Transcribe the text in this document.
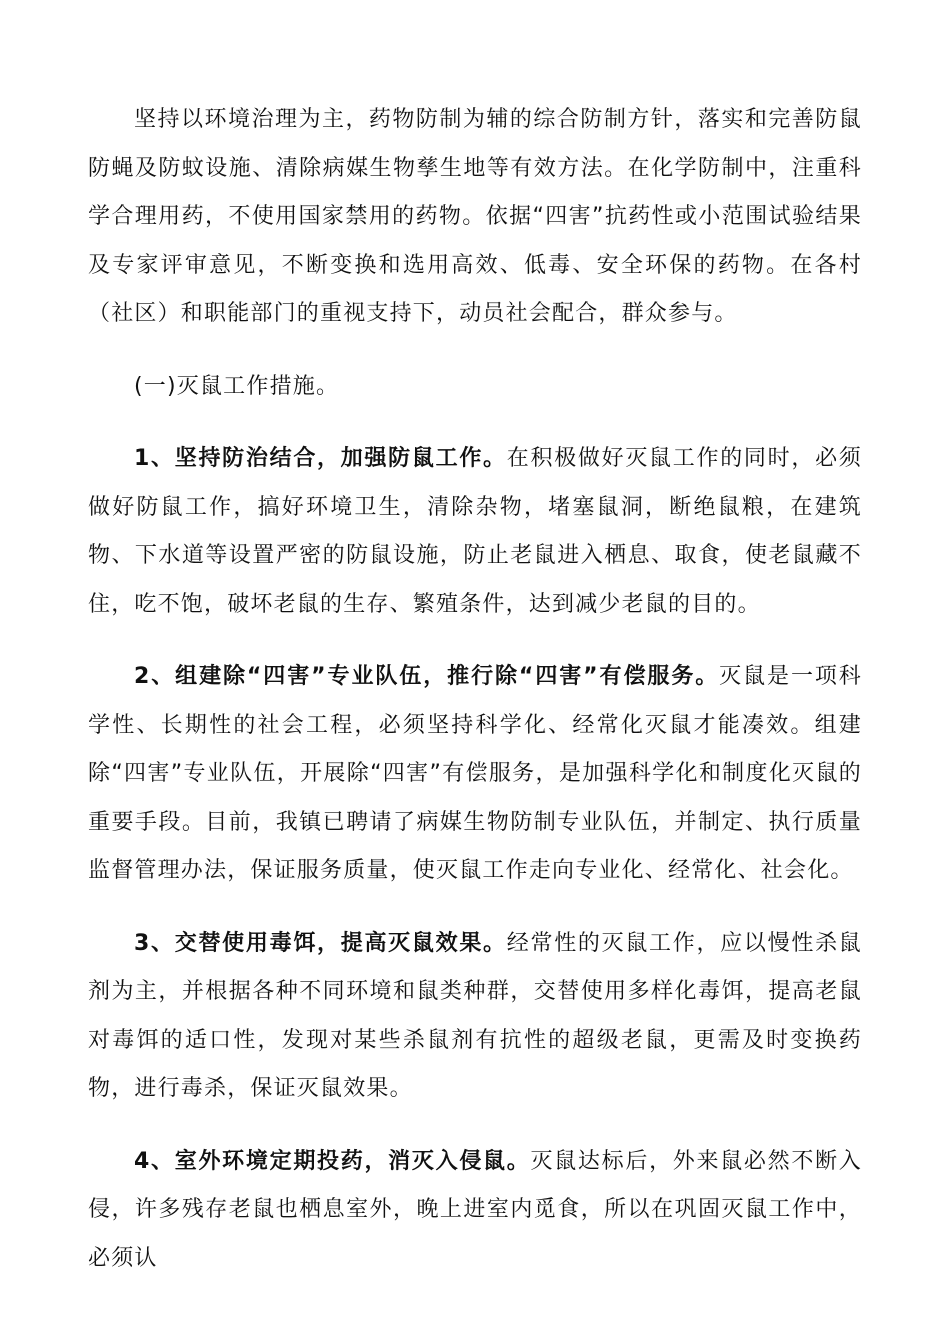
坚持以环境治理为主，药物防制为辅的综合防制方针，落实和完善防鼠防蝇及防蚊设施、清除病媒生物孳生地等有效方法。在化学防制中，注重科学合理用药，不使用国家禁用的药物。依据“四害”抗药性或小范围试验结果及专家评审意见，不断变换和选用高效、低毒、安全环保的药物。在各村（社区）和职能部门的重视支持下，动员社会配合，群众参与。

(一)灭鼠工作措施。

1、坚持防治结合，加强防鼠工作。在积极做好灭鼠工作的同时，必须做好防鼠工作，搞好环境卫生，清除杂物，堵塞鼠洞，断绝鼠粮，在建筑物、下水道等设置严密的防鼠设施，防止老鼠进入栖息、取食，使老鼠藏不住，吃不饱，破坏老鼠的生存、繁殖条件，达到减少老鼠的目的。

2、组建除“四害”专业队伍，推行除“四害”有偿服务。灭鼠是一项科学性、长期性的社会工程，必须坚持科学化、经常化灭鼠才能凑效。组建除“四害”专业队伍，开展除“四害”有偿服务，是加强科学化和制度化灭鼠的重要手段。目前，我镇已聘请了病媒生物防制专业队伍，并制定、执行质量监督管理办法，保证服务质量，使灭鼠工作走向专业化、经常化、社会化。

3、交替使用毒饵，提高灭鼠效果。经常性的灭鼠工作，应以慢性杀鼠剂为主，并根据各种不同环境和鼠类种群，交替使用多样化毒饵，提高老鼠对毒饵的适口性，发现对某些杀鼠剂有抗性的超级老鼠，更需及时变换药物，进行毒杀，保证灭鼠效果。

4、室外环境定期投药，消灭入侵鼠。灭鼠达标后，外来鼠必然不断入侵，许多残存老鼠也栖息室外，晚上进室内觅食，所以在巩固灭鼠工作中，必须认
